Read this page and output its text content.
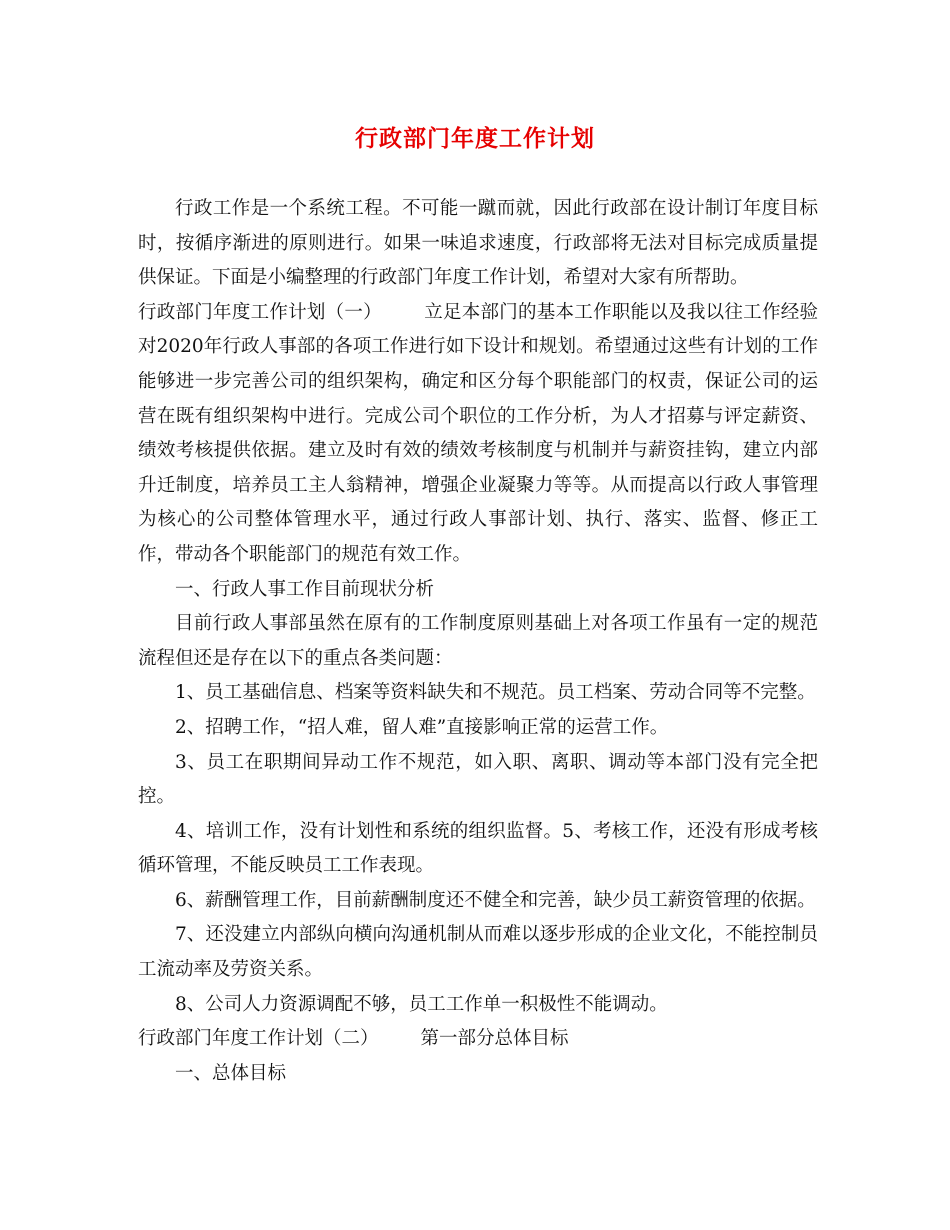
行政部门年度工作计划

行政工作是一个系统工程。不可能一蹴而就，因此行政部在设计制订年度目标时，按循序渐进的原则进行。如果一味追求速度，行政部将无法对目标完成质量提供保证。下面是小编整理的行政部门年度工作计划，希望对大家有所帮助。

行政部门年度工作计划（一） 立足本部门的基本工作职能以及我以往工作经验对2020年行政人事部的各项工作进行如下设计和规划。希望通过这些有计划的工作能够进一步完善公司的组织架构，确定和区分每个职能部门的权责，保证公司的运营在既有组织架构中进行。完成公司个职位的工作分析，为人才招募与评定薪资、绩效考核提供依据。建立及时有效的绩效考核制度与机制并与薪资挂钩，建立内部升迁制度，培养员工主人翁精神，增强企业凝聚力等等。从而提高以行政人事管理为核心的公司整体管理水平，通过行政人事部计划、执行、落实、监督、修正工作，带动各个职能部门的规范有效工作。

一、行政人事工作目前现状分析

目前行政人事部虽然在原有的工作制度原则基础上对各项工作虽有一定的规范流程但还是存在以下的重点各类问题：

1、员工基础信息、档案等资料缺失和不规范。员工档案、劳动合同等不完整。

2、招聘工作，“招人难，留人难”直接影响正常的运营工作。

3、员工在职期间异动工作不规范，如入职、离职、调动等本部门没有完全把控。

4、培训工作，没有计划性和系统的组织监督。5、考核工作，还没有形成考核循环管理，不能反映员工工作表现。

6、薪酬管理工作，目前薪酬制度还不健全和完善，缺少员工薪资管理的依据。

7、还没建立内部纵向横向沟通机制从而难以逐步形成的企业文化，不能控制员工流动率及劳资关系。

8、公司人力资源调配不够，员工工作单一积极性不能调动。

行政部门年度工作计划（二） 第一部分总体目标

一、总体目标
